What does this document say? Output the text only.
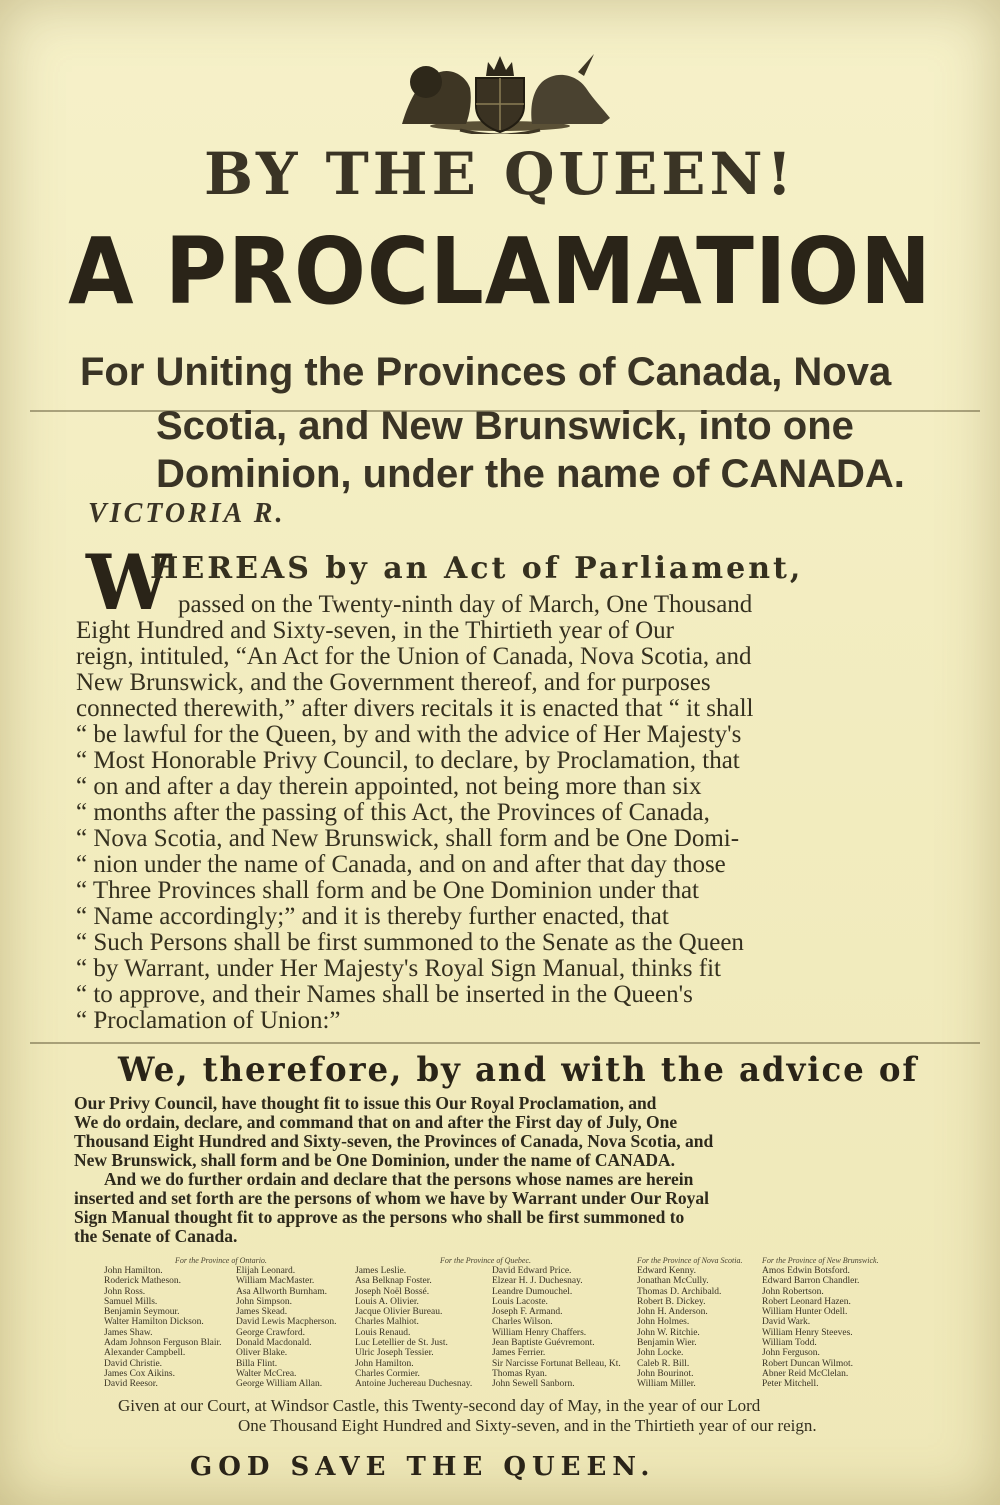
BY THE QUEEN!
A PROCLAMATION
For Uniting the Provinces of Canada, Nova
Scotia, and New Brunswick, into one
Dominion, under the name of CANADA.
VICTORIA R.
W
HEREAS by an Act of Parliament,
passed on the Twenty-ninth day of March, One Thousand
Eight Hundred and Sixty-seven, in the Thirtieth year of Our
reign, intituled, “An Act for the Union of Canada, Nova Scotia, and
New Brunswick, and the Government thereof, and for purposes
connected therewith,” after divers recitals it is enacted that “ it shall
“ be lawful for the Queen, by and with the advice of Her Majesty's
“ Most Honorable Privy Council, to declare, by Proclamation, that
“ on and after a day therein appointed, not being more than six
“ months after the passing of this Act, the Provinces of Canada,
“ Nova Scotia, and New Brunswick, shall form and be One Domi-
“ nion under the name of Canada, and on and after that day those
“ Three Provinces shall form and be One Dominion under that
“ Name accordingly;” and it is thereby further enacted, that
“ Such Persons shall be first summoned to the Senate as the Queen
“ by Warrant, under Her Majesty's Royal Sign Manual, thinks fit
“ to approve, and their Names shall be inserted in the Queen's
“ Proclamation of Union:”
We, therefore, by and with the advice of
Our Privy Council, have thought fit to issue this Our Royal Proclamation, and
We do ordain, declare, and command that on and after the First day of July, One
Thousand Eight Hundred and Sixty-seven, the Provinces of Canada, Nova Scotia, and
New Brunswick, shall form and be One Dominion, under the name of CANADA.
And we do further ordain and declare that the persons whose names are herein
inserted and set forth are the persons of whom we have by Warrant under Our Royal
Sign Manual thought fit to approve as the persons who shall be first summoned to
the Senate of Canada.
For the Province of Ontario.	For the Province of Quebec.	For the Province of Nova Scotia. For the Province of New Brunswick.
John Hamilton.
Roderick Matheson.
John Ross.
Samuel Mills.
Benjamin Seymour.
Walter Hamilton Dickson.
James Shaw.
Adam Johnson Ferguson Blair.
Alexander Campbell.
David Christie.
James Cox Aikins.
David Reesor.
Elijah Leonard.
William MacMaster.
Asa Allworth Burnham.
John Simpson.
James Skead.
David Lewis Macpherson.
George Crawford.
Donald Macdonald.
Oliver Blake.
Billa Flint.
Walter McCrea.
George William Allan.
James Leslie.
Asa Belknap Foster.
Joseph Noël Bossé.
Louis A. Olivier.
Jacque Olivier Bureau.
Charles Malhiot.
Louis Renaud.
Luc Letellier de St. Just.
Ulric Joseph Tessier.
John Hamilton.
Charles Cormier.
Antoine Juchereau Duchesnay.
David Edward Price.
Elzear H. J. Duchesnay.
Leandre Dumouchel.
Louis Lacoste.
Joseph F. Armand.
Charles Wilson.
William Henry Chaffers.
Jean Baptiste Guévremont.
James Ferrier.
Sir Narcisse Fortunat Belleau, Kt.
Thomas Ryan.
John Sewell Sanborn.
Edward Kenny.
Jonathan McCully.
Thomas D. Archibald.
Robert B. Dickey.
John H. Anderson.
John Holmes.
John W. Ritchie.
Benjamin Wier.
John Locke.
Caleb R. Bill.
John Bourinot.
William Miller.
Amos Edwin Botsford.
Edward Barron Chandler.
John Robertson.
Robert Leonard Hazen.
William Hunter Odell.
David Wark.
William Henry Steeves.
William Todd.
John Ferguson.
Robert Duncan Wilmot.
Abner Reid McClelan.
Peter Mitchell.
Given at our Court, at Windsor Castle, this Twenty-second day of May, in the year of our Lord
One Thousand Eight Hundred and Sixty-seven, and in the Thirtieth year of our reign.
GOD SAVE THE QUEEN.
